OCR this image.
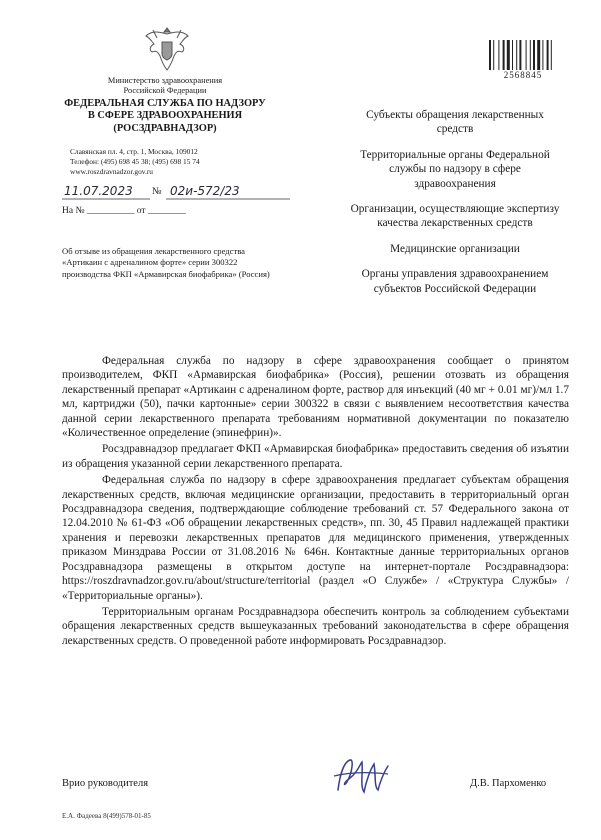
Министерство здравоохранения
Российской Федерации
ФЕДЕРАЛЬНАЯ СЛУЖБА ПО НАДЗОРУ
В СФЕРЕ ЗДРАВООХРАНЕНИЯ
(РОСЗДРАВНАДЗОР)
Славянская пл. 4, стр. 1, Москва, 109012
Телефон: (495) 698 45 38; (495) 698 15 74
www.roszdravnadzor.gov.ru
2568845
11.07.2023 № 02и-572/23
На № __________ от ________
Об отзыве из обращения лекарственного средства «Артикаин с адреналином форте» серии 300322 производства ФКП «Армавирская биофабрика» (Россия)
Субъекты обращения лекарственных средств
Территориальные органы Федеральной службы по надзору в сфере здравоохранения
Организации, осуществляющие экспертизу качества лекарственных средств
Медицинские организации
Органы управления здравоохранением субъектов Российской Федерации

Федеральная служба по надзору в сфере здравоохранения сообщает о принятом производителем, ФКП «Армавирская биофабрика» (Россия), решении отозвать из обращения лекарственный препарат «Артикаин с адреналином форте, раствор для инъекций (40 мг + 0.01 мг)/мл 1.7 мл, картриджи (50), пачки картонные» серии 300322 в связи с выявлением несоответствия качества данной серии лекарственного препарата требованиям нормативной документации по показателю «Количественное определение (эпинефрин)».

Росздравнадзор предлагает ФКП «Армавирская биофабрика» предоставить сведения об изъятии из обращения указанной серии лекарственного препарата.

Федеральная служба по надзору в сфере здравоохранения предлагает субъектам обращения лекарственных средств, включая медицинские организации, предоставить в территориальный орган Росздравнадзора сведения, подтверждающие соблюдение требований ст. 57 Федерального закона от 12.04.2010 № 61-ФЗ «Об обращении лекарственных средств», пп. 30, 45 Правил надлежащей практики хранения и перевозки лекарственных препаратов для медицинского применения, утвержденных приказом Минздрава России от 31.08.2016 № 646н. Контактные данные территориальных органов Росздравнадзора размещены в открытом доступе на интернет-портале Росздравнадзора: https://roszdravnadzor.gov.ru/about/structure/territorial (раздел «О Службе» / «Структура Службы» / «Территориальные органы»).

Территориальным органам Росздравнадзора обеспечить контроль за соблюдением субъектами обращения лекарственных средств вышеуказанных требований законодательства в сфере обращения лекарственных средств. О проведенной работе информировать Росздравнадзор.

Врио руководителя	Д.В. Пархоменко
Е.А. Фадеева 8(499)578-01-85
